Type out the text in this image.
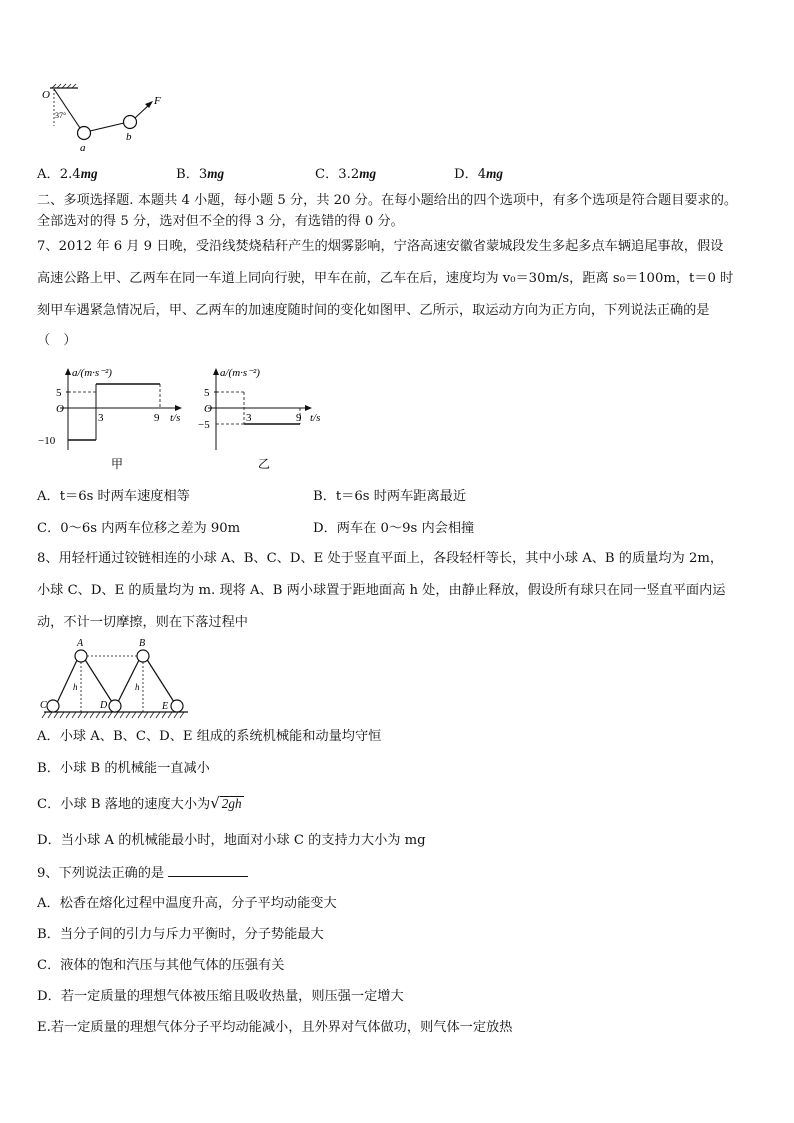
O
37°
a
b
F
A．2.4mg	B．3mg	C．3.2mg	D．4mg
二、多项选择题. 本题共 4 小题，每小题 5 分，共 20 分。在每小题给出的四个选项中，有多个选项是符合题目要求的。
全部选对的得 5 分，选对但不全的得 3 分，有选错的得 0 分。
7、2012 年 6 月 9 日晚，受沿线焚烧秸秆产生的烟雾影响，宁洛高速安徽省蒙城段发生多起多点车辆追尾事故，假设
高速公路上甲、乙两车在同一车道上同向行驶，甲车在前，乙车在后，速度均为 v₀＝30m/s，距离 s₀＝100m，t＝0 时
刻甲车遇紧急情况后，甲、乙两车的加速度随时间的变化如图甲、乙所示，取运动方向为正方向，下列说法正确的是
（　）
a/(m·s⁻²)
5
O
−10
3	9 t/s
甲
a/(m·s⁻²)
5
O
−5
3	9 t/s
乙
A．t＝6s 时两车速度相等	B．t＝6s 时两车距离最近
C．0～6s 内两车位移之差为 90m	D．两车在 0～9s 内会相撞
8、用轻杆通过铰链相连的小球 A、B、C、D、E 处于竖直平面上，各段轻杆等长，其中小球 A、B 的质量均为 2m，
小球 C、D、E 的质量均为 m. 现将 A、B 两小球置于距地面高 h 处，由静止释放，假设所有球只在同一竖直平面内运
动，不计一切摩擦，则在下落过程中
A	B
C	D	E
h	h
A．小球 A、B、C、D、E 组成的系统机械能和动量均守恒
B．小球 B 的机械能一直减小
C．小球 B 落地的速度大小为√ 2gh
D．当小球 A 的机械能最小时，地面对小球 C 的支持力大小为 mg
9、下列说法正确的是
A．松香在熔化过程中温度升高，分子平均动能变大
B．当分子间的引力与斥力平衡时，分子势能最大
C．液体的饱和汽压与其他气体的压强有关
D．若一定质量的理想气体被压缩且吸收热量，则压强一定增大
E.若一定质量的理想气体分子平均动能减小，且外界对气体做功，则气体一定放热
